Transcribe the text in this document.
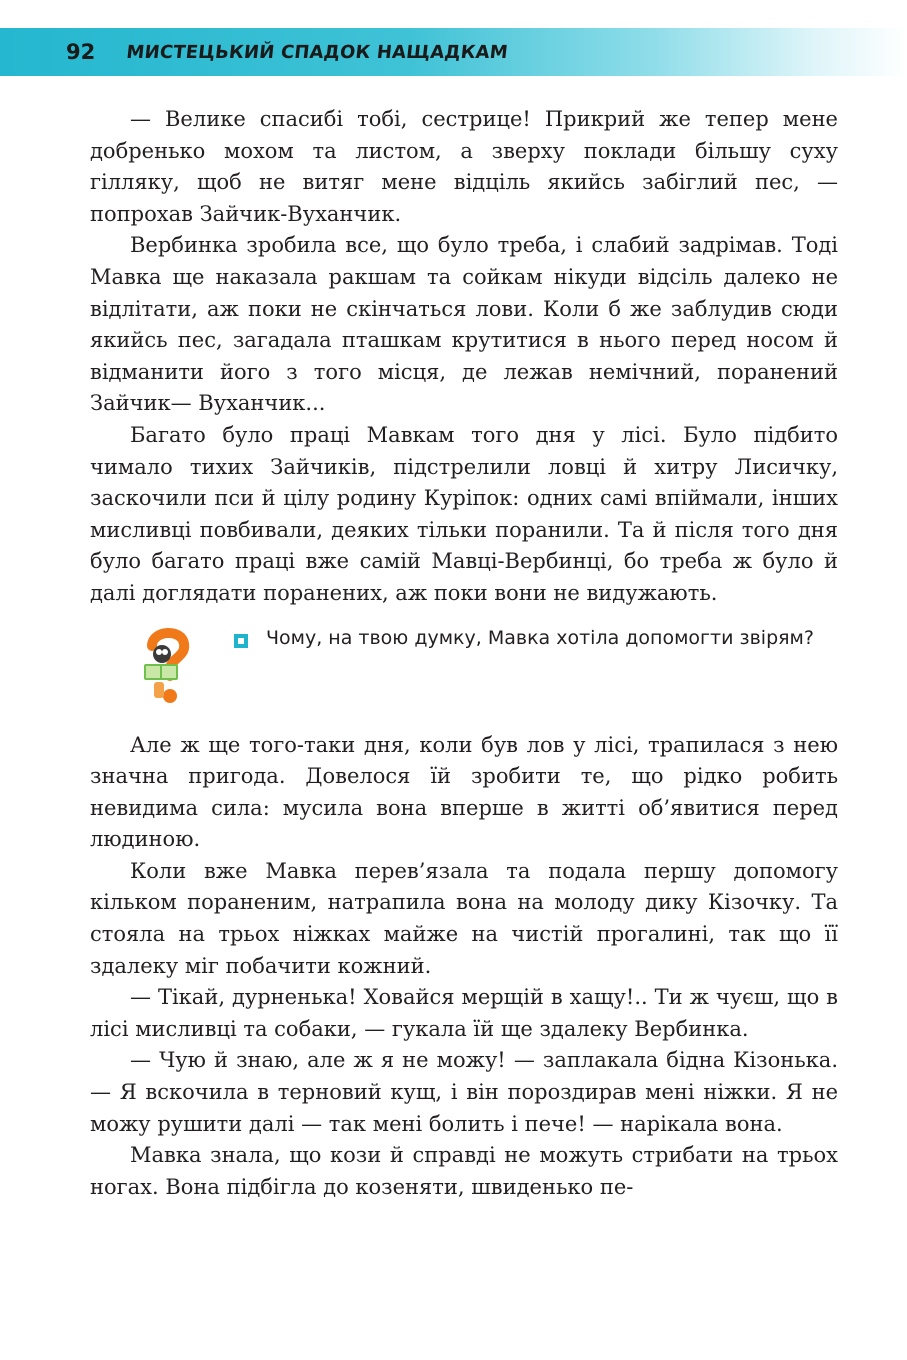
92 МИСТЕЦЬКИЙ СПАДОК НАЩАДКАМ

— Велике спасибі тобі, сестрице! Прикрий же тепер мене добренько мохом та листом, а зверху поклади більшу суху гілляку, щоб не витяг мене відціль якийсь забіглий пес, — попрохав Зайчик-Вуханчик.

Вербинка зробила все, що було треба, і слабий задрімав. Тоді Мавка ще наказала ракшам та сойкам нікуди відсіль далеко не відлітати, аж поки не скінчаться лови. Коли б же заблудив сюди якийсь пес, загадала пташкам крутитися в нього перед носом й відманити його з того місця, де лежав немічний, поранений Зайчик— Вуханчик...

Багато було праці Мавкам того дня у лісі. Було підбито чимало тихих Зайчиків, підстрелили ловці й хитру Лисичку, заскочили пси й цілу родину Куріпок: одних самі впіймали, інших мисливці повбивали, деяких тільки поранили. Та й після того дня було багато праці вже самій Мавці-Вербинці, бо треба ж було й далі доглядати поранених, аж поки вони не видужають.

Чому, на твою думку, Мавка хотіла допомогти звірям?

Але ж ще того-таки дня, коли був лов у лісі, трапилася з нею значна пригода. Довелося їй зробити те, що рідко робить невидима сила: мусила вона вперше в житті об’явитися перед людиною.

Коли вже Мавка перев’язала та подала першу допомогу кільком пораненим, натрапила вона на молоду дику Кізочку. Та стояла на трьох ніжках майже на чистій прогалині, так що її здалеку міг побачити кожний.

— Тікай, дурненька! Ховайся мерщій в хащу!.. Ти ж чуєш, що в лісі мисливці та собаки, — гукала їй ще здалеку Вербинка.

— Чую й знаю, але ж я не можу! — заплакала бідна Кізонька. — Я вскочила в терновий кущ, і він пороздирав мені ніжки. Я не можу рушити далі — так мені болить і пече! — нарікала вона.

Мавка знала, що кози й справді не можуть стрибати на трьох ногах. Вона підбігла до козеняти, швиденько пе-
